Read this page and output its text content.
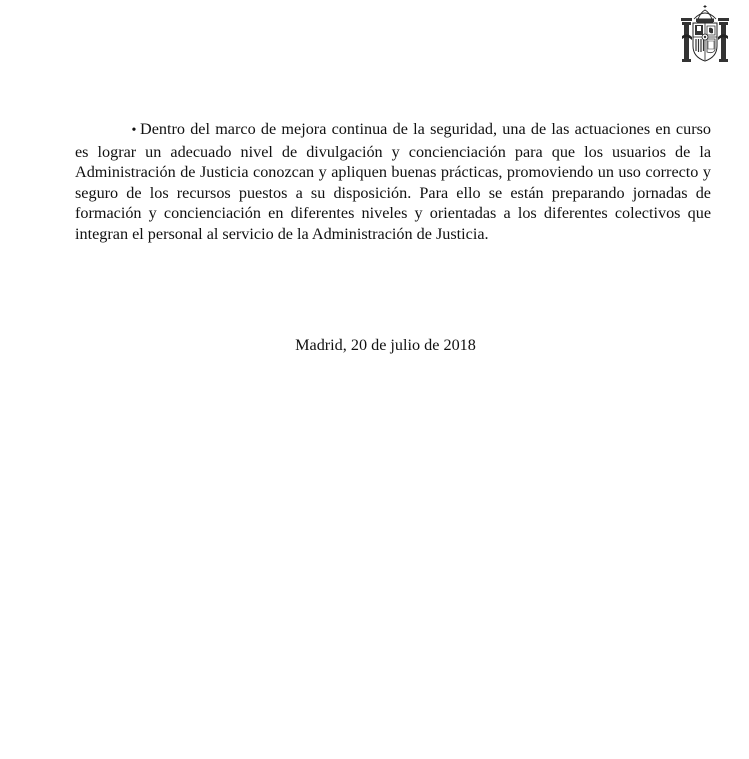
• Dentro del marco de mejora continua de la seguridad, una de las actuaciones en curso es lograr un adecuado nivel de divulgación y concienciación para que los usuarios de la Administración de Justicia conozcan y apliquen buenas prácticas, promoviendo un uso correcto y seguro de los recursos puestos a su disposición. Para ello se están preparando jornadas de formación y concienciación en diferentes niveles y orientadas a los diferentes colectivos que integran el personal al servicio de la Administración de Justicia.

Madrid, 20 de julio de 2018
